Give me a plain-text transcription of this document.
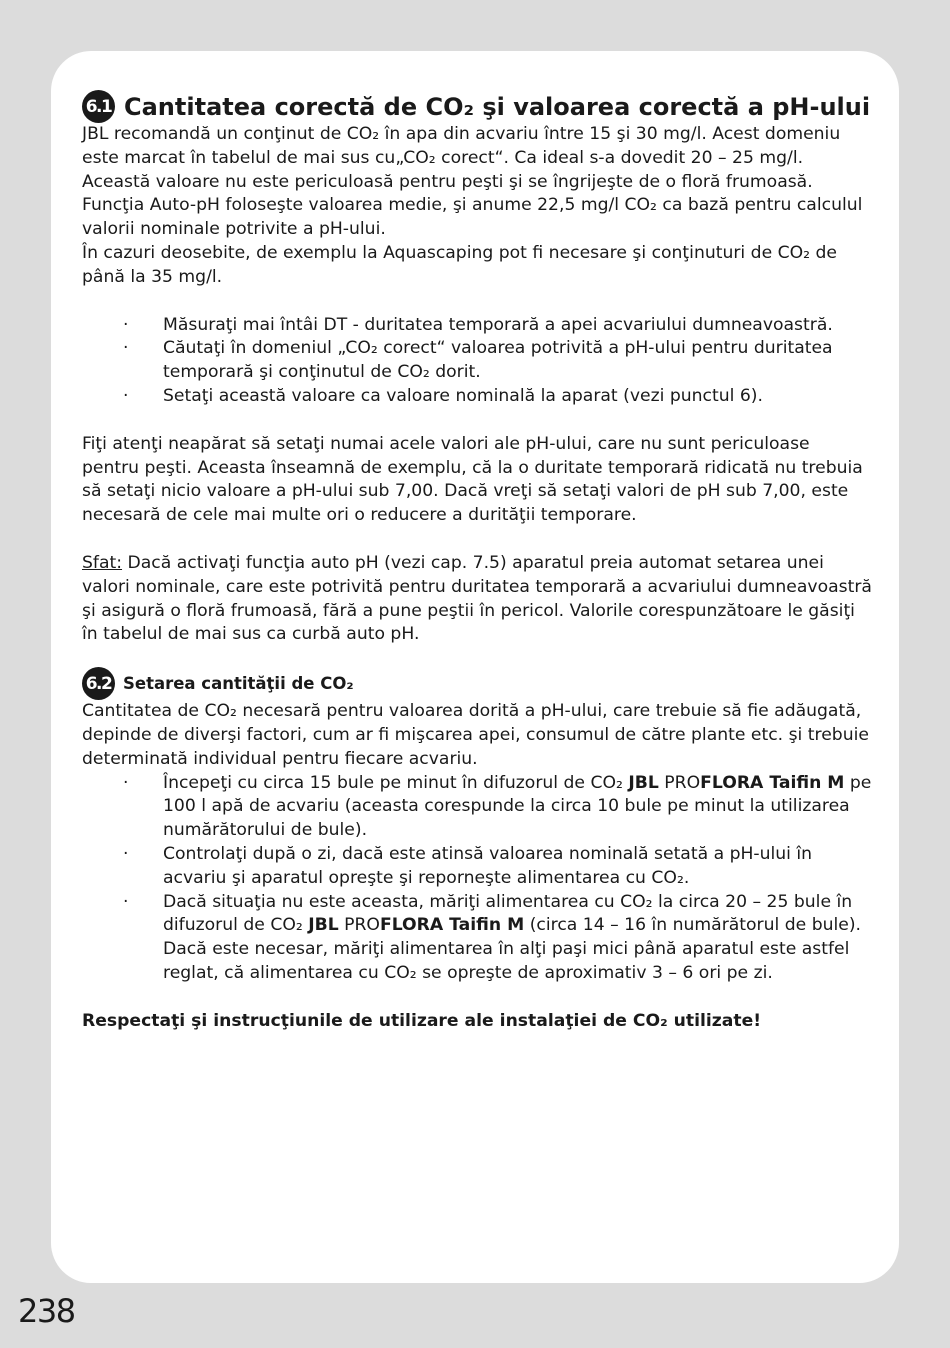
6.1 Cantitatea corectă de CO₂ şi valoarea corectă a pH-ului

JBL recomandă un conţinut de CO₂ în apa din acvariu între 15 şi 30 mg/l. Acest domeniu este marcat în tabelul de mai sus cu„CO₂ corect“. Ca ideal s-a dovedit 20 – 25 mg/l. Această valoare nu este periculoasă pentru peşti şi se îngrijeşte de o floră frumoasă. Funcţia Auto-pH foloseşte valoarea medie, şi anume 22,5 mg/l CO₂ ca bază pentru calculul valorii nominale potrivite a pH-ului.

În cazuri deosebite, de exemplu la Aquascaping pot fi necesare şi conţinuturi de CO₂ de până la 35 mg/l.

· Măsuraţi mai întâi DT - duritatea temporară a apei acvariului dumneavoastră.
· Căutaţi în domeniul „CO₂ corect“ valoarea potrivită a pH-ului pentru duritatea temporară şi conţinutul de CO₂ dorit.
· Setaţi această valoare ca valoare nominală la aparat (vezi punctul 6).

Fiţi atenţi neapărat să setaţi numai acele valori ale pH-ului, care nu sunt periculoase pentru peşti. Aceasta înseamnă de exemplu, că la o duritate temporară ridicată nu trebuia să setaţi nicio valoare a pH-ului sub 7,00. Dacă vreţi să setaţi valori de pH sub 7,00, este necesară de cele mai multe ori o reducere a durităţii temporare.

Sfat: Dacă activaţi funcţia auto pH (vezi cap. 7.5) aparatul preia automat setarea unei valori nominale, care este potrivită pentru duritatea temporară a acvariului dumneavoastră şi asigură o floră frumoasă, fără a pune peştii în pericol. Valorile corespunzătoare le găsiţi în tabelul de mai sus ca curbă auto pH.

6.2 Setarea cantităţii de CO₂

Cantitatea de CO₂ necesară pentru valoarea dorită a pH-ului, care trebuie să fie adăugată, depinde de diverşi factori, cum ar fi mişcarea apei, consumul de către plante etc. şi trebuie determinată individual pentru fiecare acvariu.

· Începeţi cu circa 15 bule pe minut în difuzorul de CO₂ JBL PROFLORA Taifin M pe 100 l apă de acvariu (aceasta corespunde la circa 10 bule pe minut la utilizarea numărătorului de bule).
· Controlaţi după o zi, dacă este atinsă valoarea nominală setată a pH-ului în acvariu şi aparatul opreşte şi reporneşte alimentarea cu CO₂.
· Dacă situaţia nu este aceasta, măriţi alimentarea cu CO₂ la circa 20 – 25 bule în difuzorul de CO₂ JBL PROFLORA Taifin M (circa 14 – 16 în numărătorul de bule). Dacă este necesar, măriţi alimentarea în alţi paşi mici până aparatul este astfel reglat, că alimentarea cu CO₂ se opreşte de aproximativ 3 – 6 ori pe zi.

Respectaţi şi instrucţiunile de utilizare ale instalaţiei de CO₂ utilizate!

238
